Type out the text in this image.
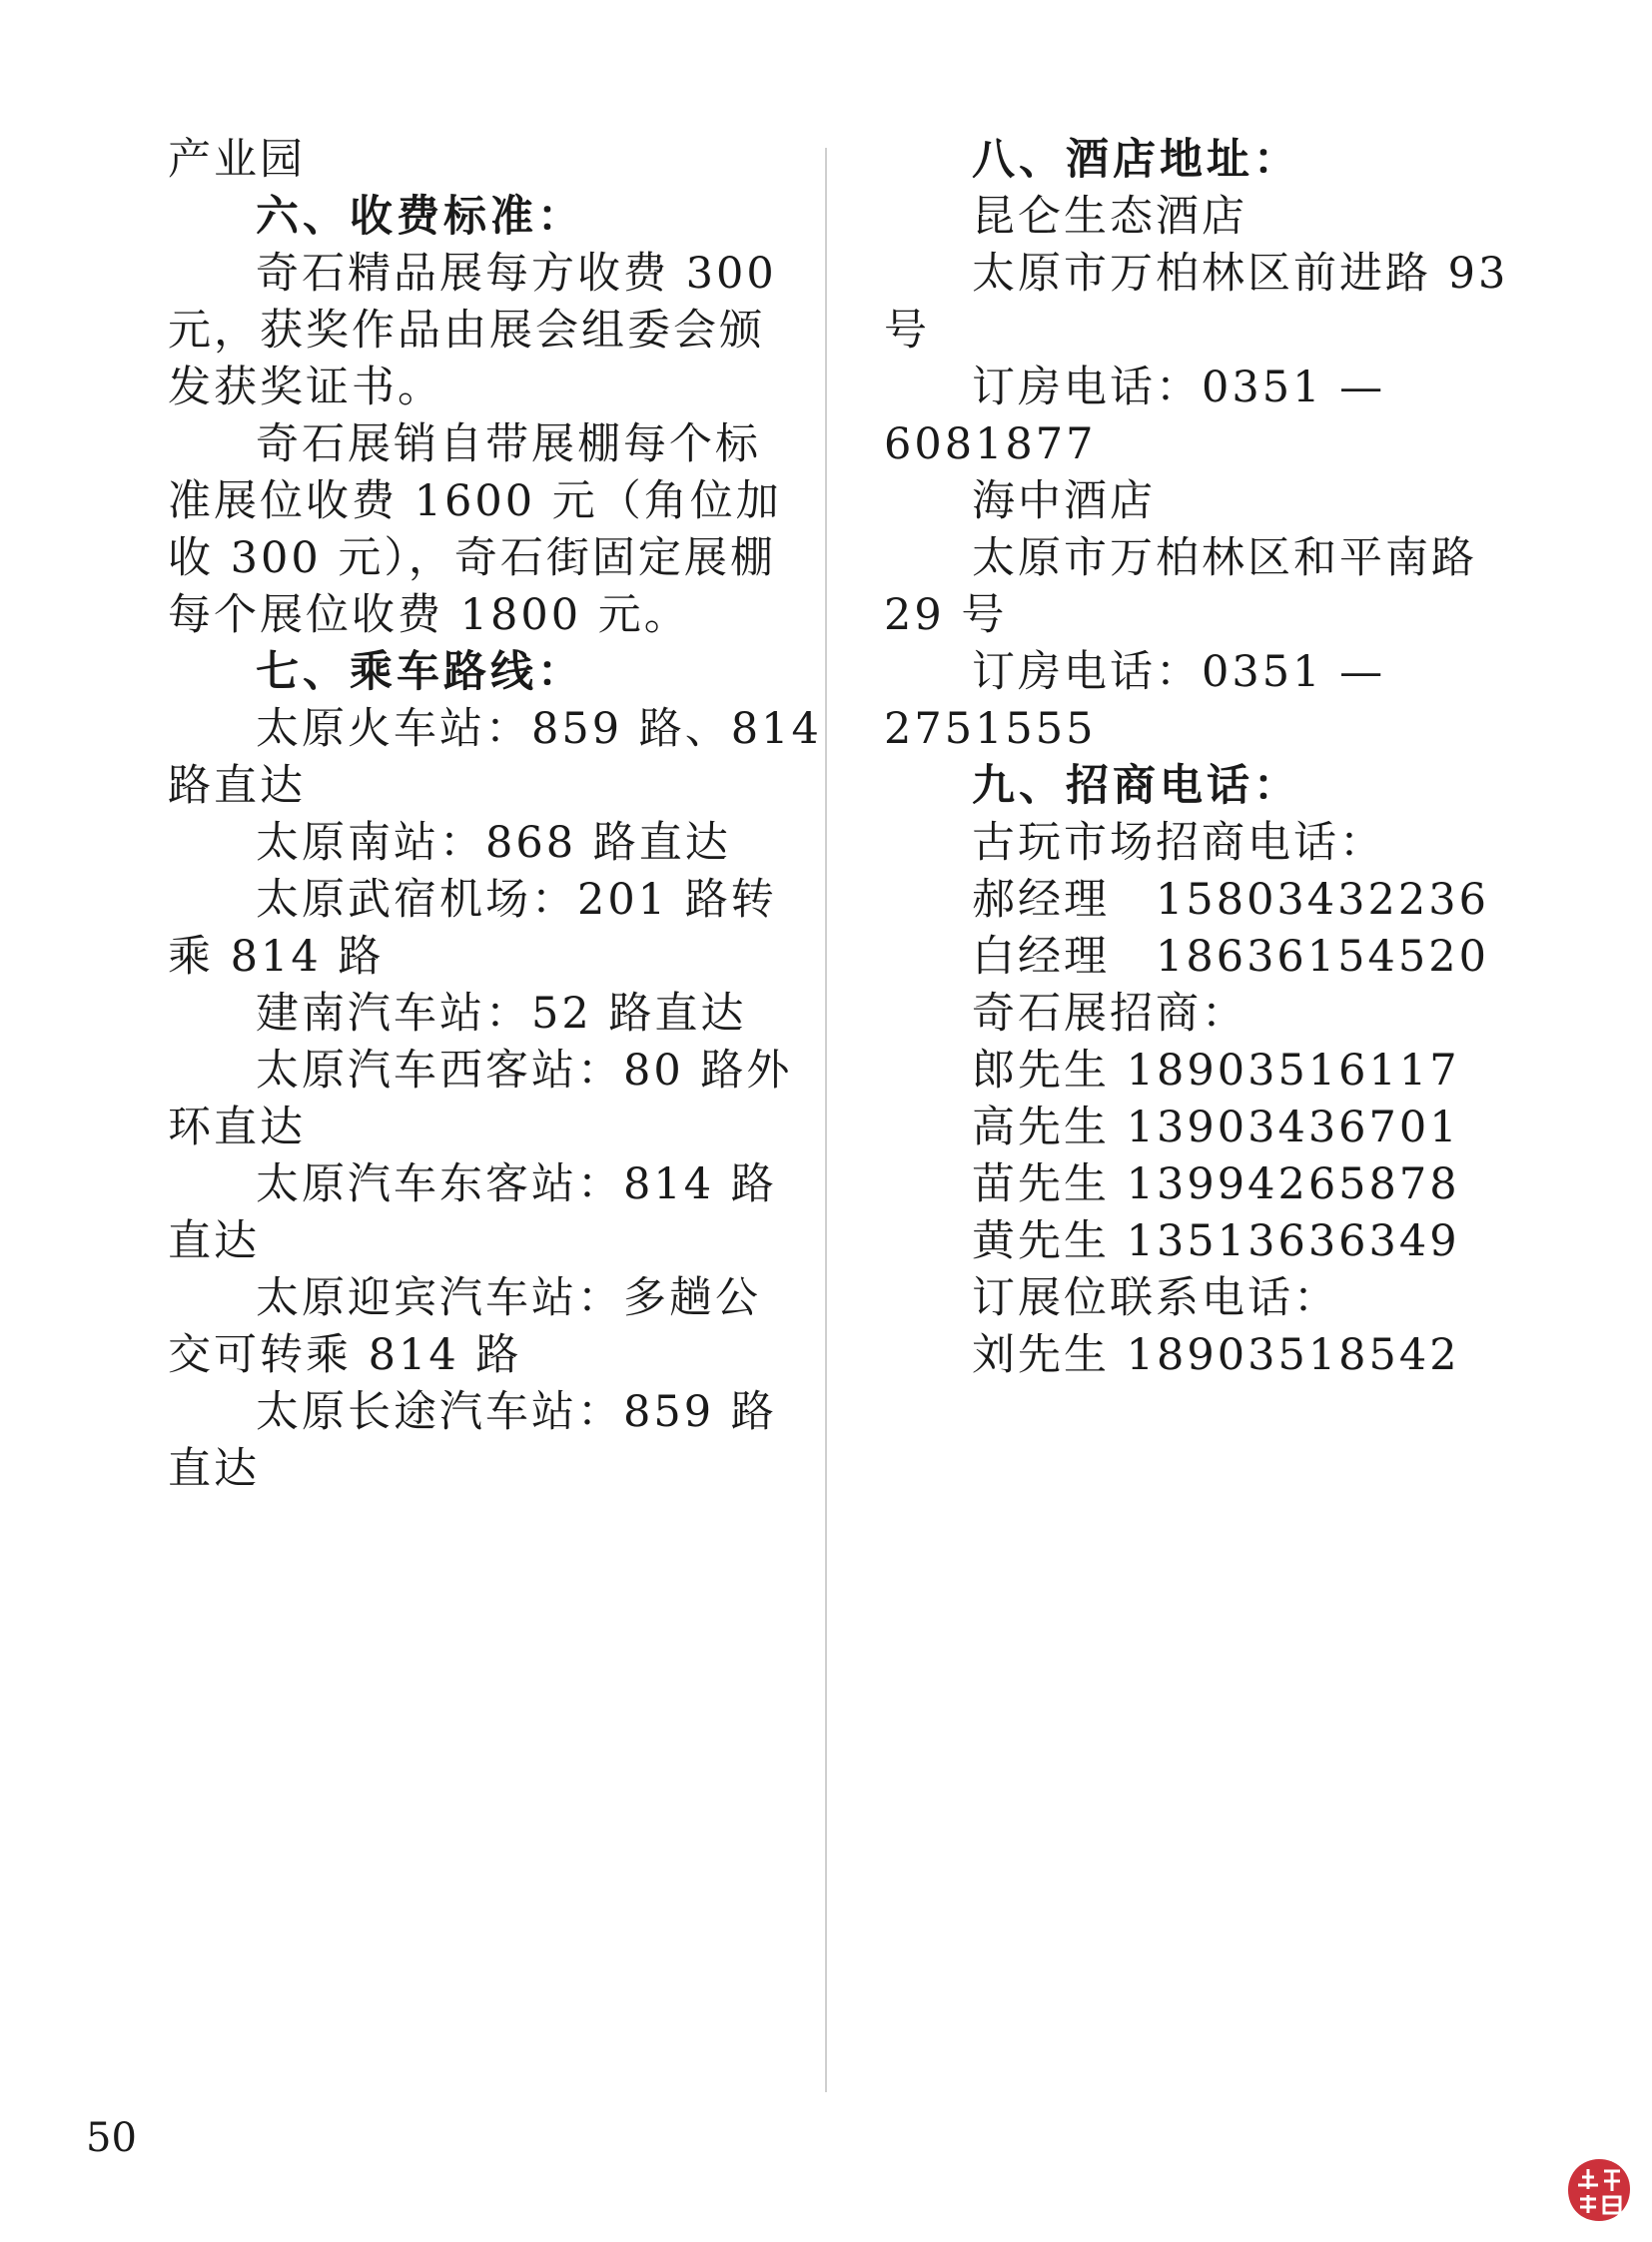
产业园
六、收费标准：
奇石精品展每方收费 300
元，获奖作品由展会组委会颁
发获奖证书。
奇石展销自带展棚每个标
准展位收费 1600 元（角位加
收 300 元），奇石街固定展棚
每个展位收费 1800 元。
七、乘车路线：
太原火车站：859 路、814
路直达
太原南站：868 路直达
太原武宿机场：201 路转
乘 814 路
建南汽车站：52 路直达
太原汽车西客站：80 路外
环直达
太原汽车东客站：814 路
直达
太原迎宾汽车站：多趟公
交可转乘 814 路
太原长途汽车站：859 路
直达
八、酒店地址：
昆仑生态酒店
太原市万柏林区前进路 93
号
订房电话：0351 —
6081877
海中酒店
太原市万柏林区和平南路
29 号
订房电话：0351 —
2751555
九、招商电话：
古玩市场招商电话：
郝经理　15803432236
白经理　18636154520
奇石展招商：
郎先生 18903516117
高先生 13903436701
苗先生 13994265878
黄先生 13513636349
订展位联系电话：
刘先生 18903518542
50
